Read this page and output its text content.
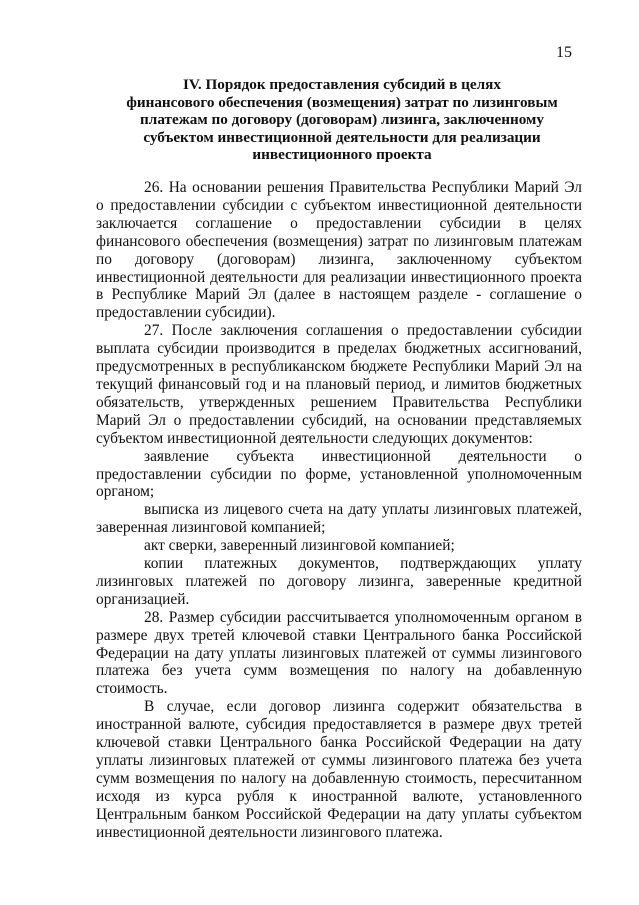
15
IV. Порядок предоставления субсидий в целях
финансового обеспечения (возмещения) затрат по лизинговым
платежам по договору (договорам) лизинга, заключенному
субъектом инвестиционной деятельности для реализации
инвестиционного проекта

26. На основании решения Правительства Республики Марий Эл о предоставлении субсидии с субъектом инвестиционной деятельности заключается соглашение о предоставлении субсидии в целях финансового обеспечения (возмещения) затрат по лизинговым платежам по договору (договорам) лизинга, заключенному субъектом инвестиционной деятельности для реализации инвестиционного проекта в Республике Марий Эл (далее в настоящем разделе - соглашение о предоставлении субсидии).

27. После заключения соглашения о предоставлении субсидии выплата субсидии производится в пределах бюджетных ассигнований, предусмотренных в республиканском бюджете Республики Марий Эл на текущий финансовый год и на плановый период, и лимитов бюджетных обязательств, утвержденных решением Правительства Республики Марий Эл о предоставлении субсидий, на основании представляемых субъектом инвестиционной деятельности следующих документов:

заявление субъекта инвестиционной деятельности о предоставлении субсидии по форме, установленной уполномоченным органом;

выписка из лицевого счета на дату уплаты лизинговых платежей, заверенная лизинговой компанией;

акт сверки, заверенный лизинговой компанией;

копии платежных документов, подтверждающих уплату лизинговых платежей по договору лизинга, заверенные кредитной организацией.

28. Размер субсидии рассчитывается уполномоченным органом в размере двух третей ключевой ставки Центрального банка Российской Федерации на дату уплаты лизинговых платежей от суммы лизингового платежа без учета сумм возмещения по налогу на добавленную стоимость.

В случае, если договор лизинга содержит обязательства в иностранной валюте, субсидия предоставляется в размере двух третей ключевой ставки Центрального банка Российской Федерации на дату уплаты лизинговых платежей от суммы лизингового платежа без учета сумм возмещения по налогу на добавленную стоимость, пересчитанном исходя из курса рубля к иностранной валюте, установленного Центральным банком Российской Федерации на дату уплаты субъектом инвестиционной деятельности лизингового платежа.
